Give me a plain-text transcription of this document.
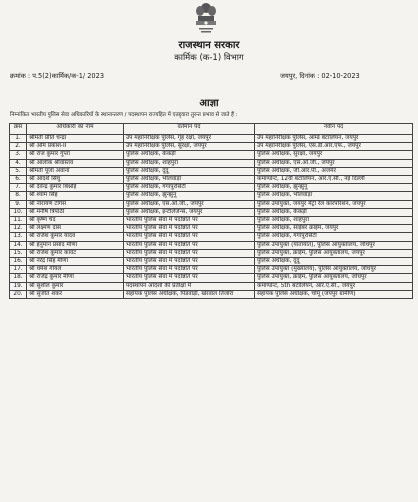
राजस्थान सरकार
कार्मिक (क-1) विभाग
क्रमांक : प.5(2)कार्मिक/क-1/ 2023	जयपुर, दिनांक : 02-10-2023
आज्ञा
निम्नांकित भारतीय पुलिस सेवा अधिकारियों के स्थानान्तरण / पदस्थापन राज्यहित में एतद्द्वारा तुरन्त प्रभाव से जाते हैं :
क्रसं	अधिकारी का नाम	वर्तमान पद	नवीन पद
1.	श्रीमती प्रीति चन्द्रा	उप महानिरीक्षक पुलिस, गृह रक्षा, जयपुर	उप महानिरीक्षक पुलिस, आर्म्ड बटालियन, जयपुर
2.	श्री ओम प्रकाश-II	उप महानिरीक्षक पुलिस, सुरक्षा, जयपुर	उप महानिरीक्षक पुलिस, एस.डी.आर.एफ., जयपुर
3.	श्री राज कुमार गुप्ता	पुलिस अधीक्षक, केकड़ी	पुलिस अधीक्षक, सुरक्षा, जयपुर
4.	श्री आलोक श्रीवास्तव	पुलिस अधीक्षक, शाहपुरा	पुलिस अधीक्षक, एस.ओ.जी., जयपुर
5.	श्रीमती पूजा अवाना	पुलिस अधीक्षक, दूदू	पुलिस अधीक्षक, जी.आर.पी., अजमेर
6.	श्री आदर्श सिधु	पुलिस अधीक्षक, भीलवाड़ा	कमाण्डेन्ट, 12वीं बटालियन, आर.ए.सी., नई दिल्ली
7.	श्री देवेन्द्र कुमार बिश्नोई	पुलिस अधीक्षक, गंगापुरसिटी	पुलिस अधीक्षक, झुन्झुनू
8.	श्री श्याम सिंह	पुलिस अधीक्षक, झुन्झुनू	पुलिस अधीक्षक, भीलवाड़ा
9.	श्री नारायण टोगस	पुलिस अधीक्षक, एस.ओ.जी., जयपुर	पुलिस उपायुक्त, जयपुर मैट्रो रेल कॉरपोरेशन, जयपुर
10.	श्री मनीष त्रिपाठी	पुलिस अधीक्षक, इन्टेलिजेन्स, जयपुर	पुलिस अधीक्षक, केकड़ी
11.	श्री कृष्ण चंद	भारतीय पुलिस सेवा में पदोन्नति पर	पुलिस अधीक्षक, शाहपुरा
12.	श्री लक्ष्मण दास	भारतीय पुलिस सेवा में पदोन्नति पर	पुलिस अधीक्षक, साईबर क्राईम, जयपुर
13.	श्री राजेश कुमार यादव	भारतीय पुलिस सेवा में पदोन्नति पर	पुलिस अधीक्षक, गंगापुरसिटी
14.	श्री हनुमान प्रसाद मीणा	भारतीय पुलिस सेवा में पदोन्नति पर	पुलिस उपायुक्त (यातायात), पुलिस आयुक्तालय, जोधपुर
15.	श्री राजेश कुमार कांवट	भारतीय पुलिस सेवा में पदोन्नति पर	पुलिस उपायुक्त, क्राईम, पुलिस आयुक्तालय, जयपुर
16.	श्री नरेंद्र सिंह मीणा	भारतीय पुलिस सेवा में पदोन्नति पर	पुलिस अधीक्षक, दूदू
17.	श्री धर्मेश गोयल	भारतीय पुलिस सेवा में पदोन्नति पर	पुलिस उपायुक्त (मुख्यालय), पुलिस आयुक्तालय, जोधपुर
18.	श्री राजेंद्र कुमार मीणा	भारतीय पुलिस सेवा में पदोन्नति पर	पुलिस उपायुक्त, क्राईम, पुलिस आयुक्तालय, जोधपुर
19.	श्री सुशील कुमार	पदस्थापन आदेशों की प्रतीक्षा में	कमाण्डेन्ट, 5th बटालियन, आर.ए.सी., जयपुर
20.	श्री सुजीत शंकर	सहायक पुलिस अधीक्षक, पिंडवाड़ी, खेरवाल तिजारा	सहायक पुलिस अधीक्षक, चौमू (जयपुर ग्रामीण)
